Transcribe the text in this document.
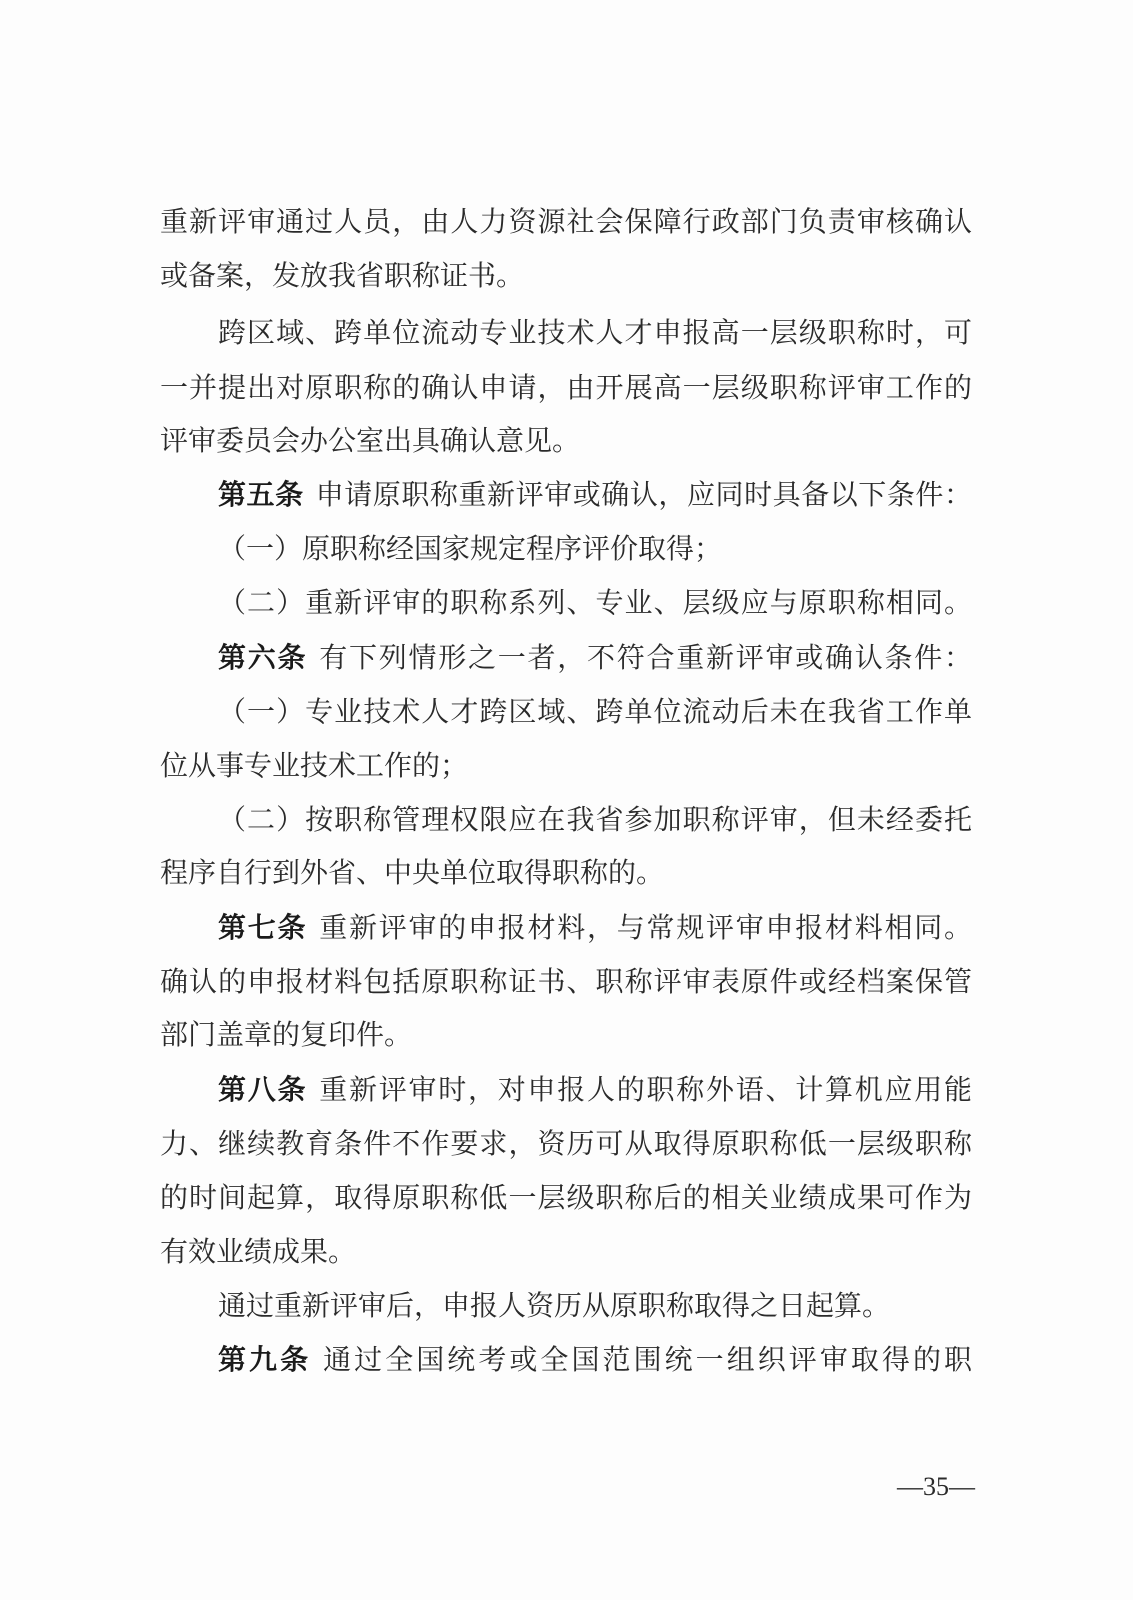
重新评审通过人员，由人力资源社会保障行政部门负责审核确认
或备案，发放我省职称证书。
跨区域、跨单位流动专业技术人才申报高一层级职称时，可
一并提出对原职称的确认申请，由开展高一层级职称评审工作的
评审委员会办公室出具确认意见。
第五条 申请原职称重新评审或确认，应同时具备以下条件：
（一）原职称经国家规定程序评价取得；
（二）重新评审的职称系列、专业、层级应与原职称相同。
第六条 有下列情形之一者，不符合重新评审或确认条件：
（一）专业技术人才跨区域、跨单位流动后未在我省工作单
位从事专业技术工作的；
（二）按职称管理权限应在我省参加职称评审，但未经委托
程序自行到外省、中央单位取得职称的。
第七条 重新评审的申报材料，与常规评审申报材料相同。
确认的申报材料包括原职称证书、职称评审表原件或经档案保管
部门盖章的复印件。
第八条 重新评审时，对申报人的职称外语、计算机应用能
力、继续教育条件不作要求，资历可从取得原职称低一层级职称
的时间起算，取得原职称低一层级职称后的相关业绩成果可作为
有效业绩成果。
通过重新评审后，申报人资历从原职称取得之日起算。
第九条 通过全国统考或全国范围统一组织评审取得的职
—35—
